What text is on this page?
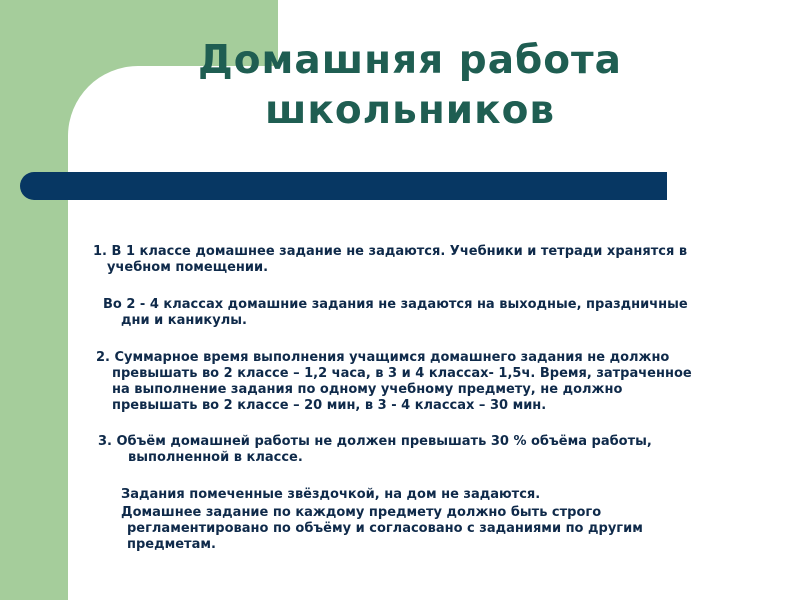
Домашняя работа
школьников
1. В 1 классе домашнее задание не задаются. Учебники и тетради хранятся в
учебном помещении.
Во 2 - 4 классах домашние задания не задаются на выходные, праздничные
дни и каникулы.
2. Суммарное время выполнения учащимся домашнего задания не должно
превышать во 2 классе – 1,2 часа, в 3 и 4 классах- 1,5ч. Время, затраченное
на выполнение задания по одному учебному предмету, не должно
превышать во 2 классе – 20 мин, в 3 - 4 классах – 30 мин.
3. Объём домашней работы не должен превышать 30 % объёма работы,
выполненной в классе.
Задания помеченные звёздочкой, на дом не задаются.
Домашнее задание по каждому предмету должно быть строго
регламентировано по объёму и согласовано с заданиями по другим
предметам.
